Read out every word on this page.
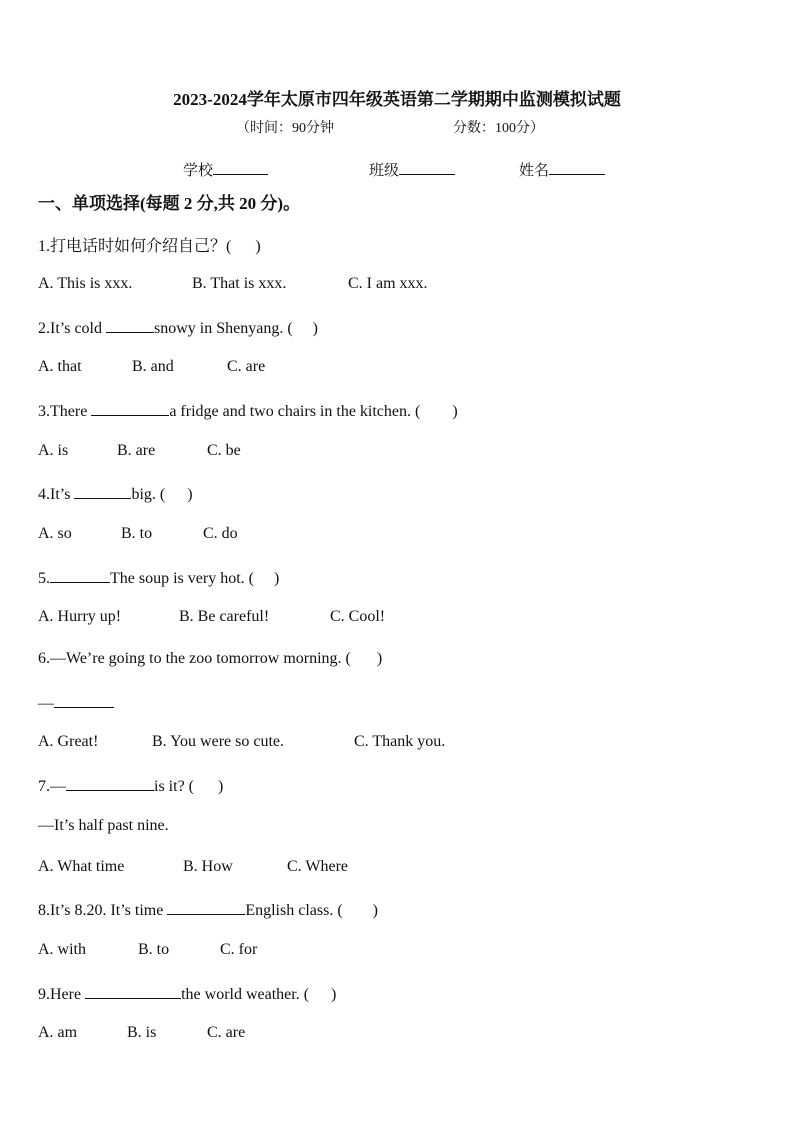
2023-2024学年太原市四年级英语第二学期期中监测模拟试题
（时间：90分钟	分数：100分）
学校	班级	姓名
一、单项选择(每题 2 分,共 20 分)。
1.打电话时如何介绍自己？( )
A. This is xxx.	B. That is xxx.	C. I am xxx.
2.It’s cold	snowy in Shenyang. ( )
A. that	B. and	C. are
3.There	a fridge and two chairs in the kitchen. ( )
A. is	B. are	C. be
4.It’s	big. ( )
A. so	B. to	C. do
5.	The soup is very hot. ( )
A. Hurry up!	B. Be careful!	C. Cool!
6.—We’re going to the zoo tomorrow morning. ( )
—
A. Great!	B. You were so cute.	C. Thank you.
7.—	is it? ( )
—It’s half past nine.
A. What time	B. How	C. Where
8.It’s 8.20. It’s time	English class. ( )
A. with	B. to	C. for
9.Here	the world weather. ( )
A. am	B. is	C. are
